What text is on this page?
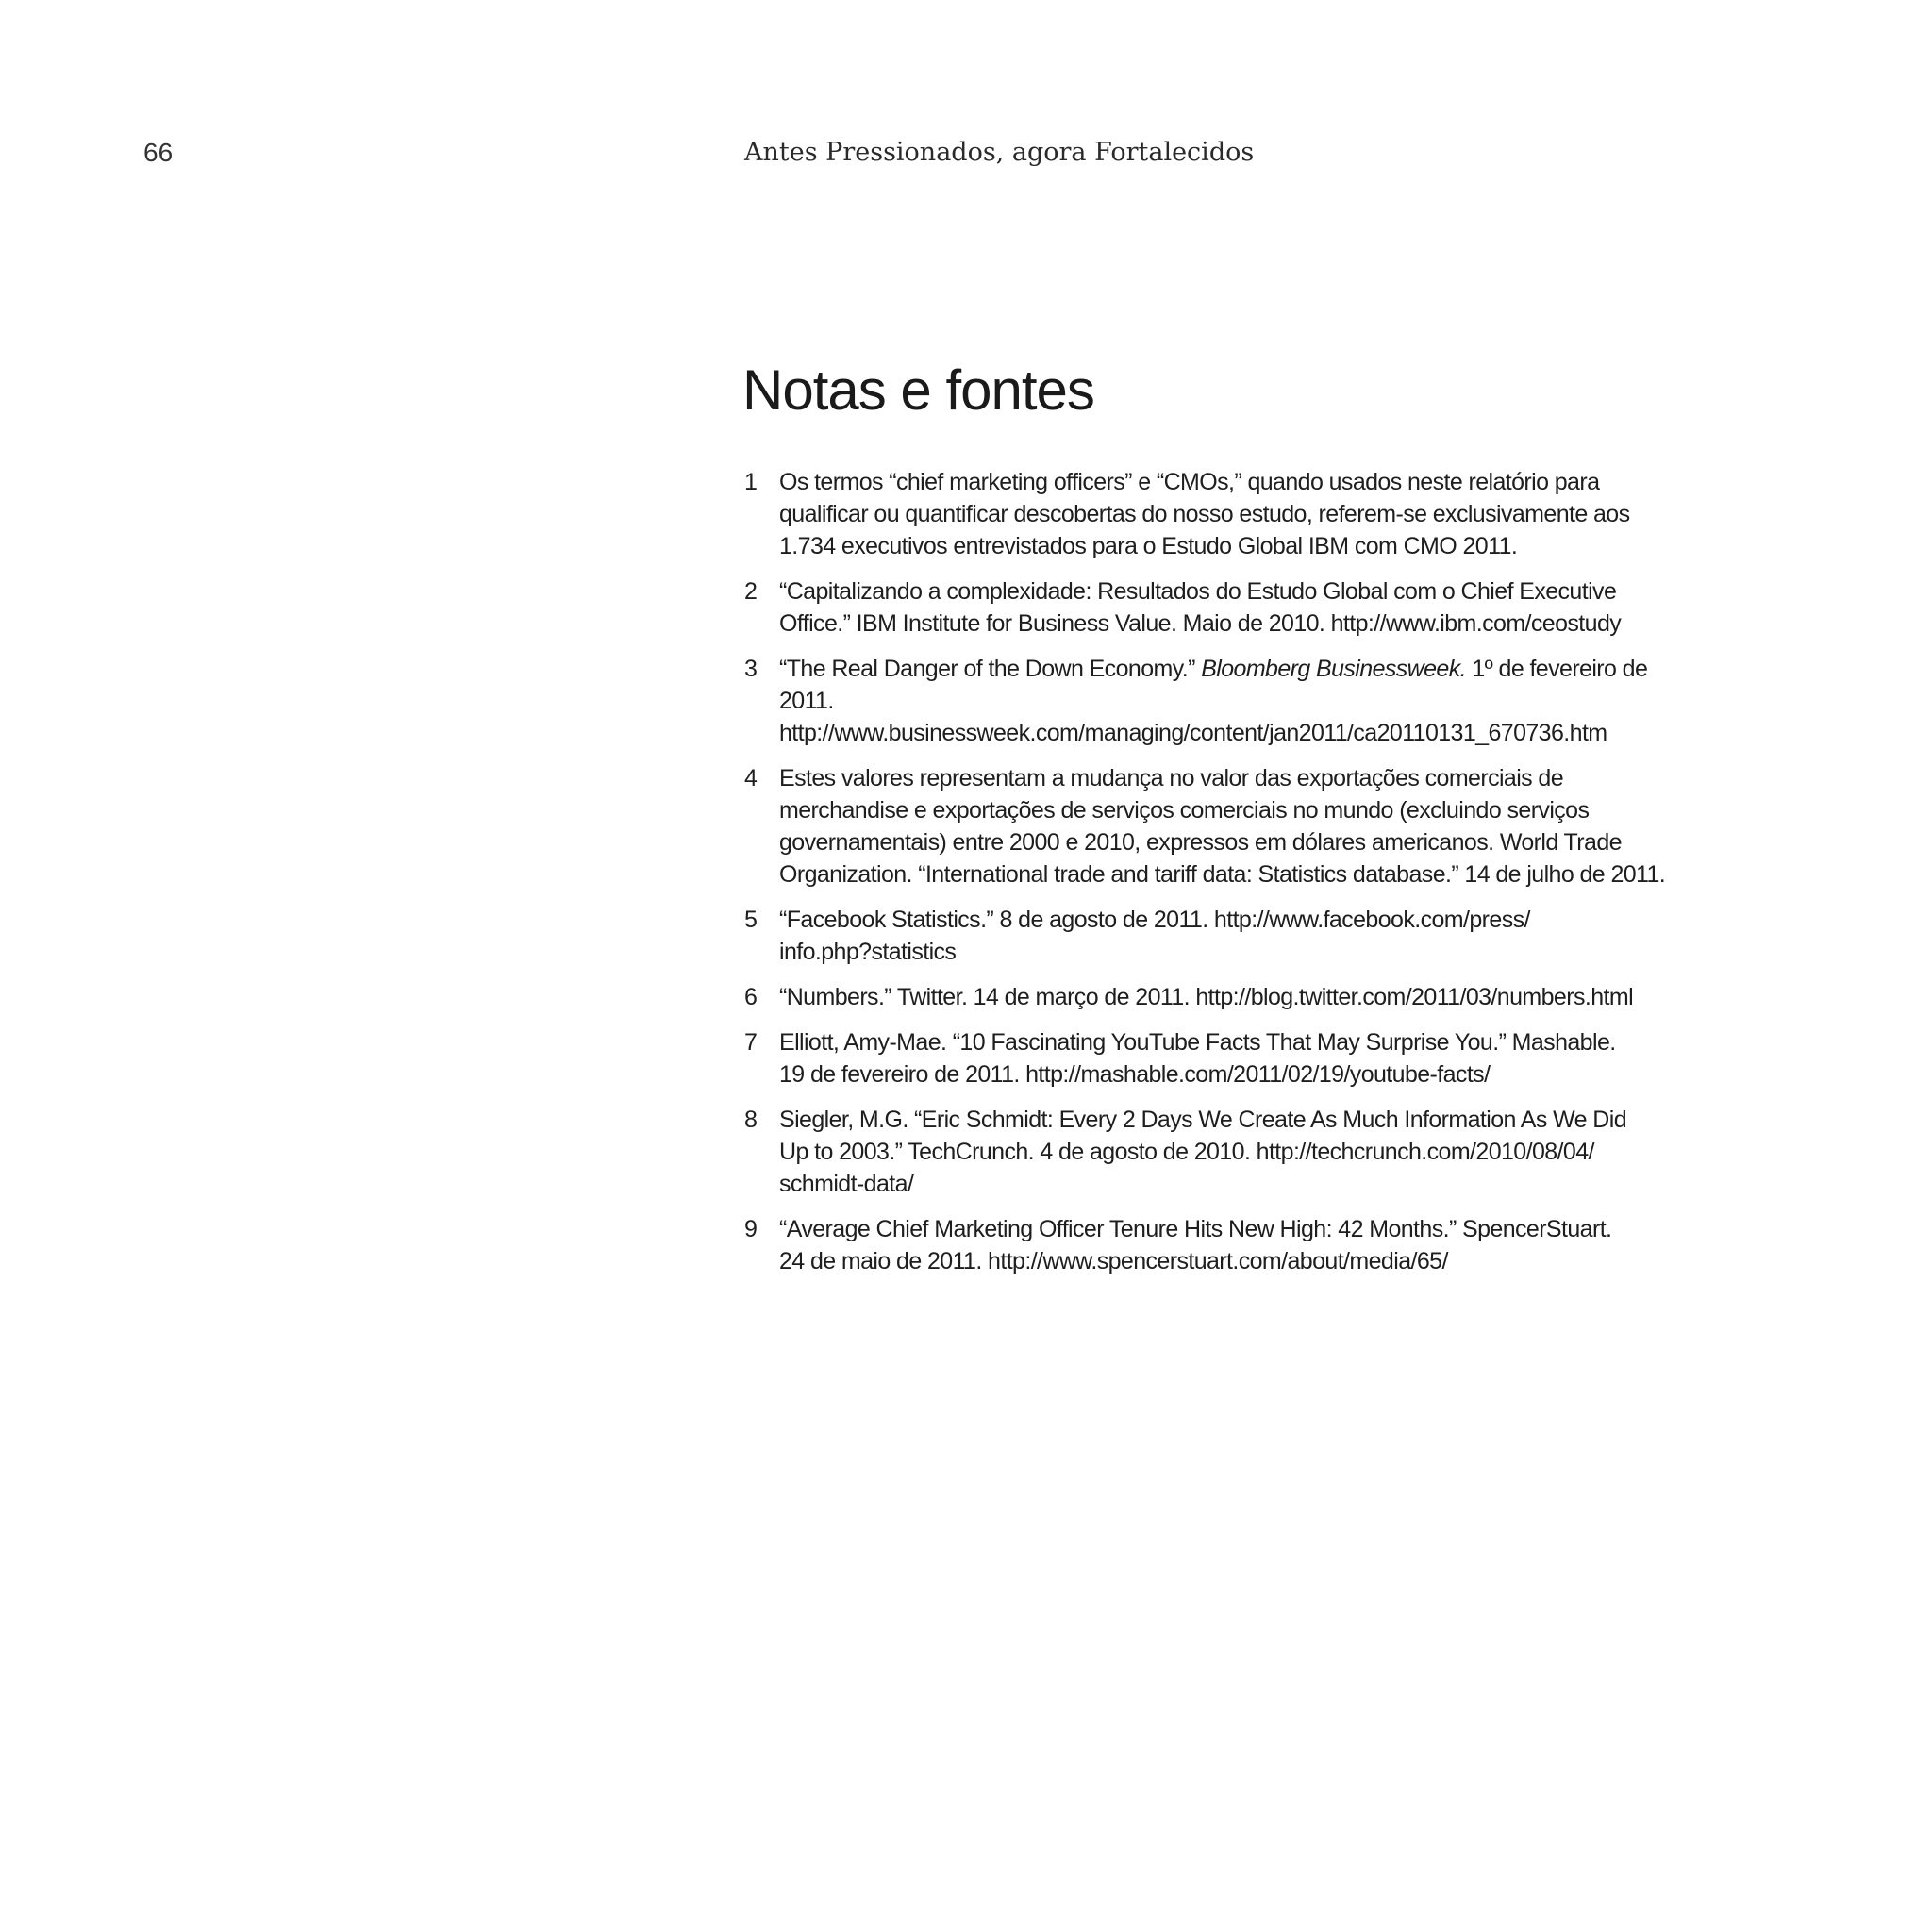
66	Antes Pressionados, agora Fortalecidos
Notas e fontes
1 Os termos “chief marketing officers” e “CMOs,” quando usados neste relatório para
qualificar ou quantificar descobertas do nosso estudo, referem-se exclusivamente aos
1.734 executivos entrevistados para o Estudo Global IBM com CMO 2011.
2 “Capitalizando a complexidade: Resultados do Estudo Global com o Chief Executive
Office.” IBM Institute for Business Value. Maio de 2010. http://www.ibm.com/ceostudy
3 “The Real Danger of the Down Economy.” Bloomberg Businessweek. 1º de fevereiro de 2011.
http://www.businessweek.com/managing/content/jan2011/ca20110131_670736.htm
4 Estes valores representam a mudança no valor das exportações comerciais de
merchandise e exportações de serviços comerciais no mundo (excluindo serviços
governamentais) entre 2000 e 2010, expressos em dólares americanos. World Trade
Organization. “International trade and tariff data: Statistics database.” 14 de julho de 2011.
5 “Facebook Statistics.” 8 de agosto de 2011. http://www.facebook.com/press/
info.php?statistics
6 “Numbers.” Twitter. 14 de março de 2011. http://blog.twitter.com/2011/03/numbers.html
7 Elliott, Amy-Mae. “10 Fascinating YouTube Facts That May Surprise You.” Mashable.
19 de fevereiro de 2011. http://mashable.com/2011/02/19/youtube-facts/
8 Siegler, M.G. “Eric Schmidt: Every 2 Days We Create As Much Information As We Did
Up to 2003.” TechCrunch. 4 de agosto de 2010. http://techcrunch.com/2010/08/04/
schmidt-data/
9 “Average Chief Marketing Officer Tenure Hits New High: 42 Months.” SpencerStuart.
24 de maio de 2011. http://www.spencerstuart.com/about/media/65/
